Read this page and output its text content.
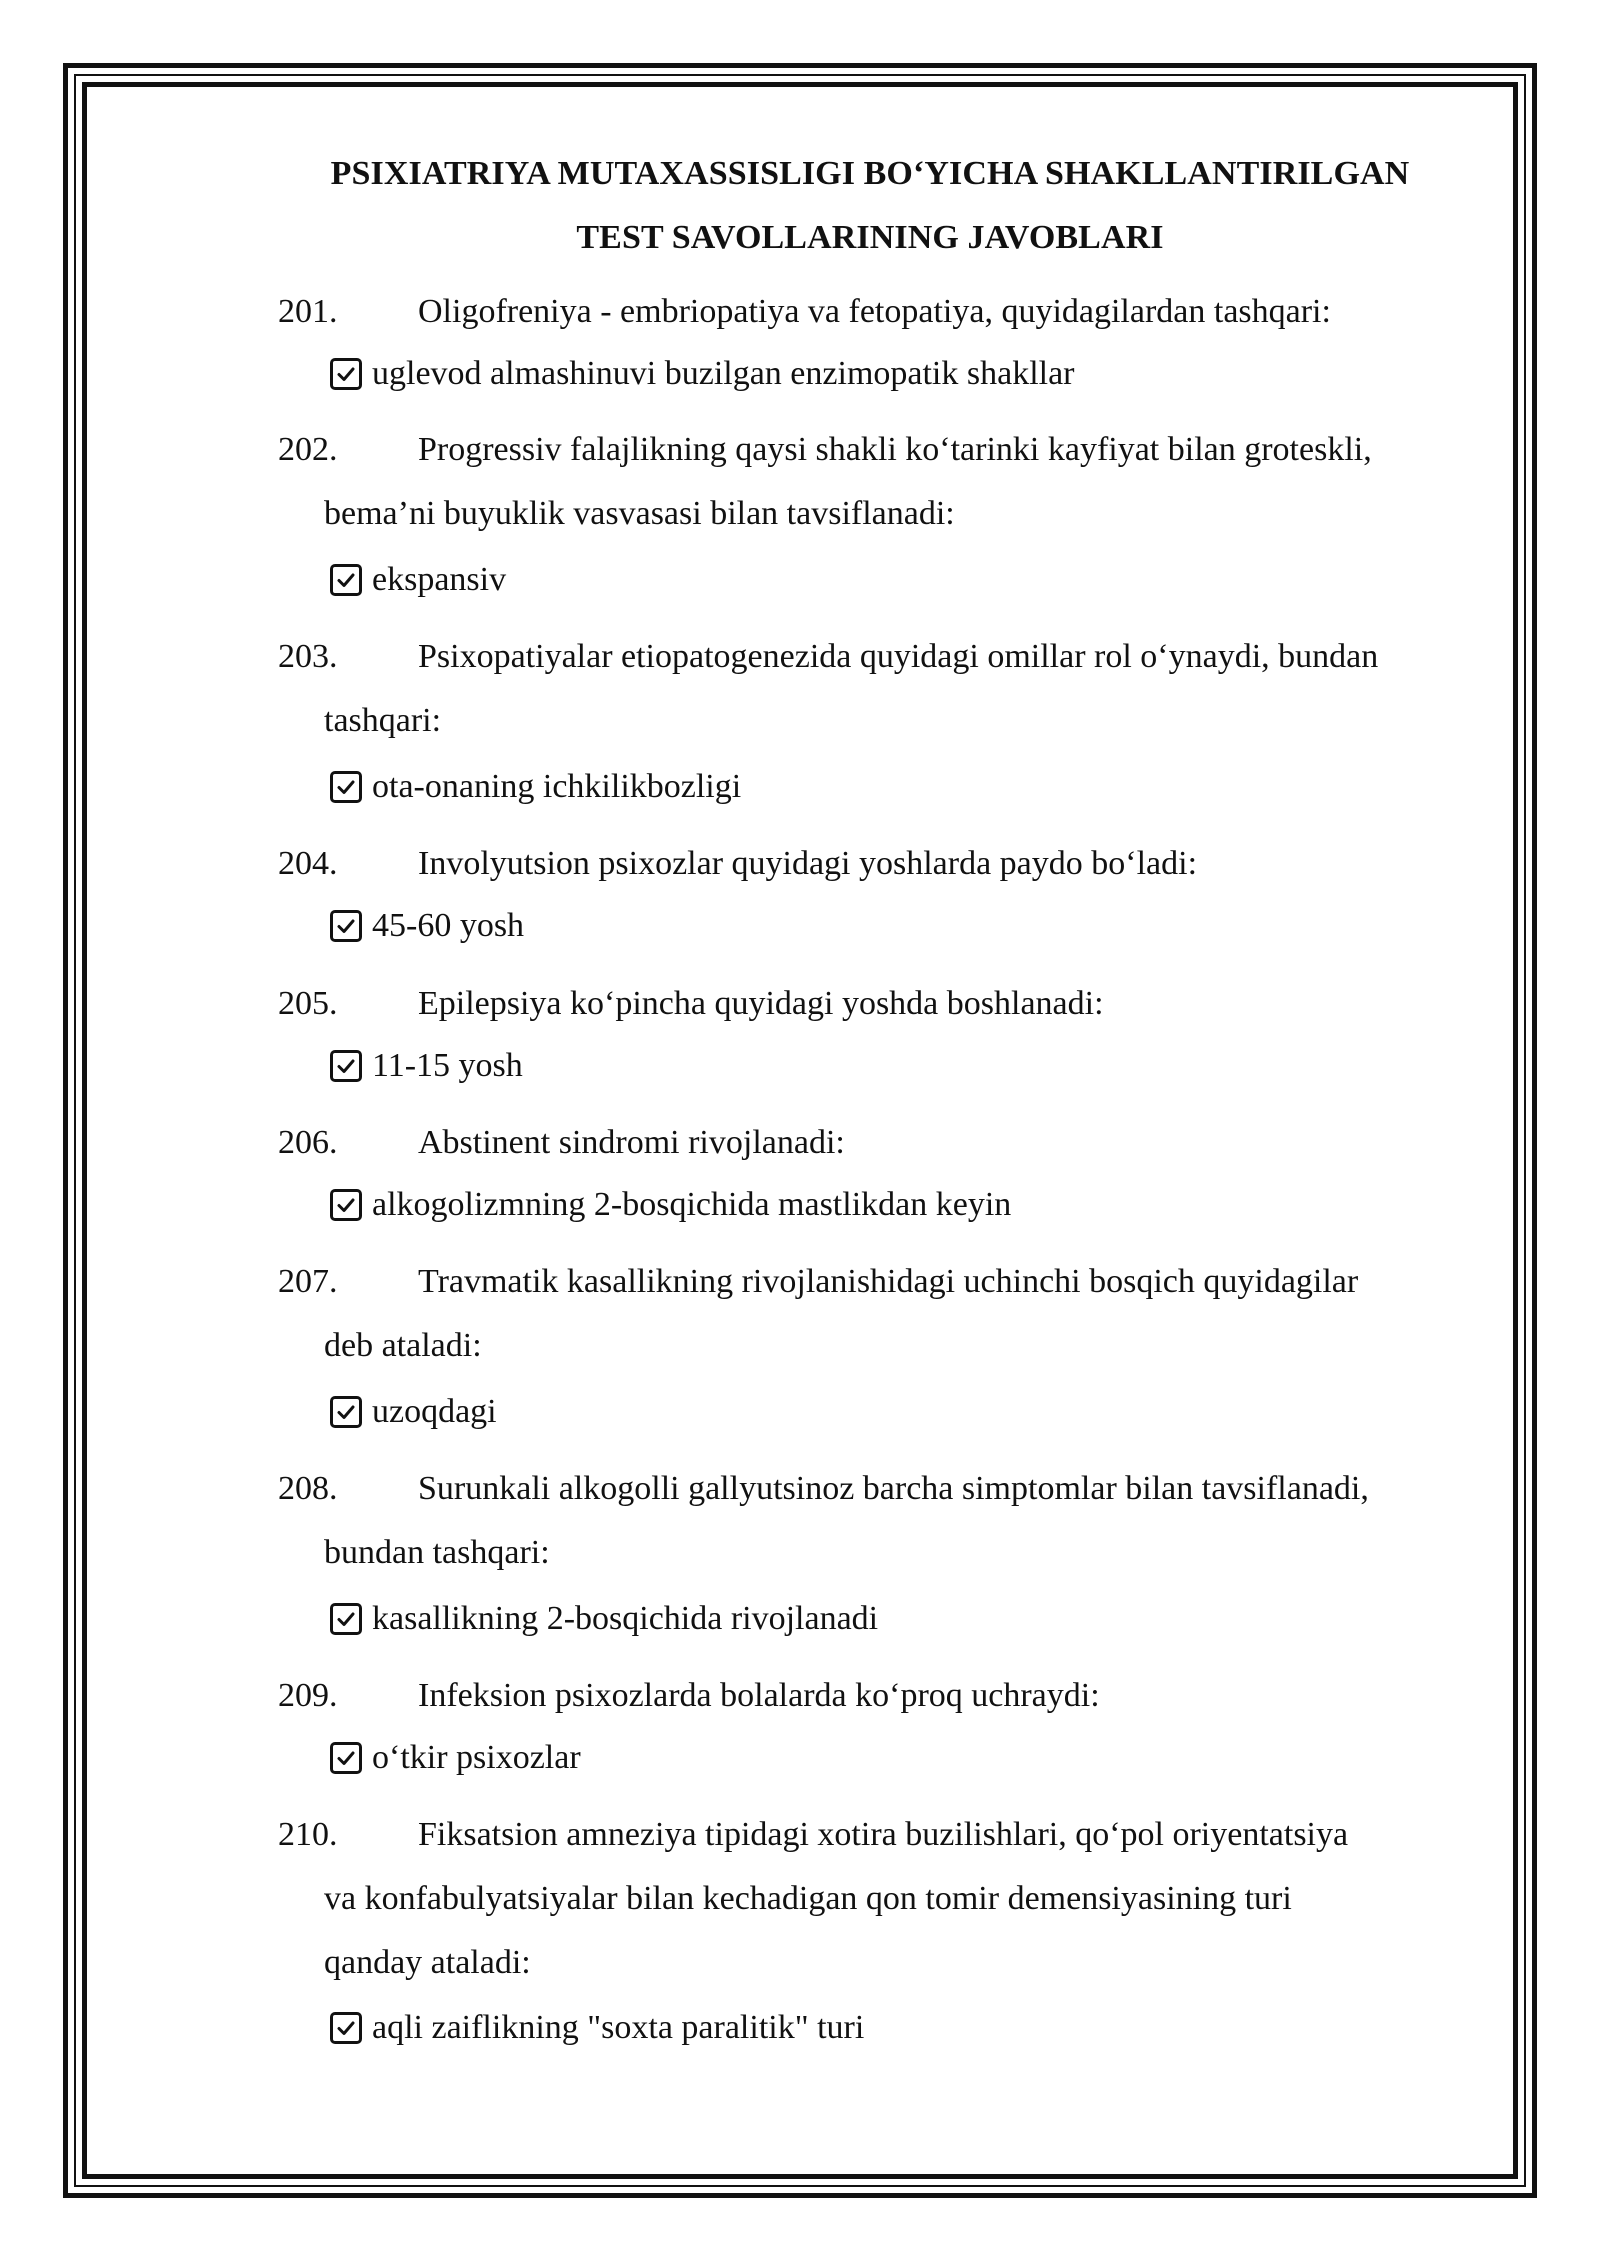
PSIXIATRIYA MUTAXASSISLIGI BO‘YICHA SHAKLLANTIRILGAN
TEST SAVOLLARINING JAVOBLARI
201.	Oligofreniya - embriopatiya va fetopatiya, quyidagilardan tashqari:
uglevod almashinuvi buzilgan enzimopatik shakllar
202.	Progressiv falajlikning qaysi shakli ko‘tarinki kayfiyat bilan groteskli,
bema’ni buyuklik vasvasasi bilan tavsiflanadi:
ekspansiv
203.	Psixopatiyalar etiopatogenezida quyidagi omillar rol o‘ynaydi, bundan
tashqari:
ota-onaning ichkilikbozligi
204.	Involyutsion psixozlar quyidagi yoshlarda paydo bo‘ladi:
45-60 yosh
205.	Epilepsiya ko‘pincha quyidagi yoshda boshlanadi:
11-15 yosh
206.	Abstinent sindromi rivojlanadi:
alkogolizmning 2-bosqichida mastlikdan keyin
207.	Travmatik kasallikning rivojlanishidagi uchinchi bosqich quyidagilar
deb ataladi:
uzoqdagi
208.	Surunkali alkogolli gallyutsinoz barcha simptomlar bilan tavsiflanadi,
bundan tashqari:
kasallikning 2-bosqichida rivojlanadi
209.	Infeksion psixozlarda bolalarda ko‘proq uchraydi:
o‘tkir psixozlar
210.	Fiksatsion amneziya tipidagi xotira buzilishlari, qo‘pol oriyentatsiya
va konfabulyatsiyalar bilan kechadigan qon tomir demensiyasining turi
qanday ataladi:
aqli zaiflikning "soxta paralitik" turi
